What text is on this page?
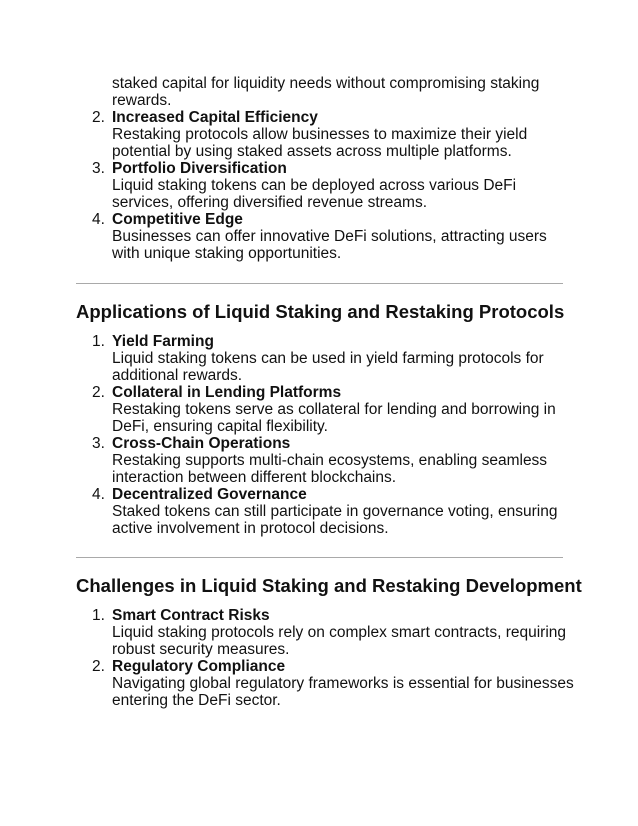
staked capital for liquidity needs without compromising staking rewards.
2. Increased Capital Efficiency
Restaking protocols allow businesses to maximize their yield potential by using staked assets across multiple platforms.
3. Portfolio Diversification
Liquid staking tokens can be deployed across various DeFi services, offering diversified revenue streams.
4. Competitive Edge
Businesses can offer innovative DeFi solutions, attracting users with unique staking opportunities.
Applications of Liquid Staking and Restaking Protocols
1. Yield Farming
Liquid staking tokens can be used in yield farming protocols for additional rewards.
2. Collateral in Lending Platforms
Restaking tokens serve as collateral for lending and borrowing in DeFi, ensuring capital flexibility.
3. Cross-Chain Operations
Restaking supports multi-chain ecosystems, enabling seamless interaction between different blockchains.
4. Decentralized Governance
Staked tokens can still participate in governance voting, ensuring active involvement in protocol decisions.
Challenges in Liquid Staking and Restaking Development
1. Smart Contract Risks
Liquid staking protocols rely on complex smart contracts, requiring robust security measures.
2. Regulatory Compliance
Navigating global regulatory frameworks is essential for businesses entering the DeFi sector.
